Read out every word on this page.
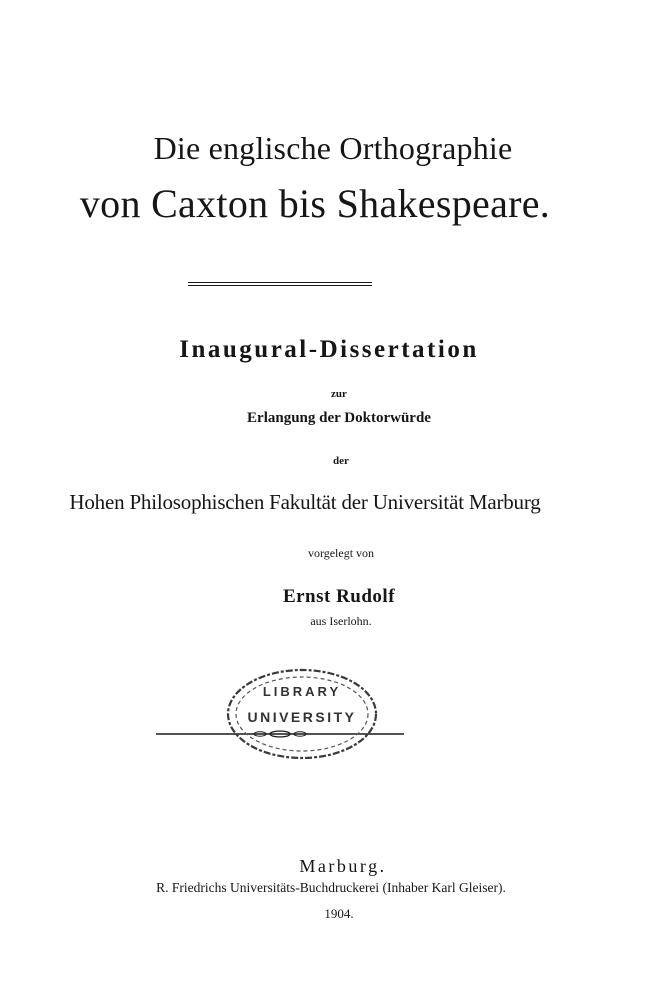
Die englische Orthographie
von Caxton bis Shakespeare.
Inaugural-Dissertation
zur
Erlangung der Doktorwürde
der
Hohen Philosophischen Fakultät der Universität Marburg
vorgelegt von
Ernst Rudolf
aus Iserlohn.
LIBRARY
UNIVERSITY
Marburg.
R. Friedrichs Universitäts-Buchdruckerei (Inhaber Karl Gleiser).
1904.
